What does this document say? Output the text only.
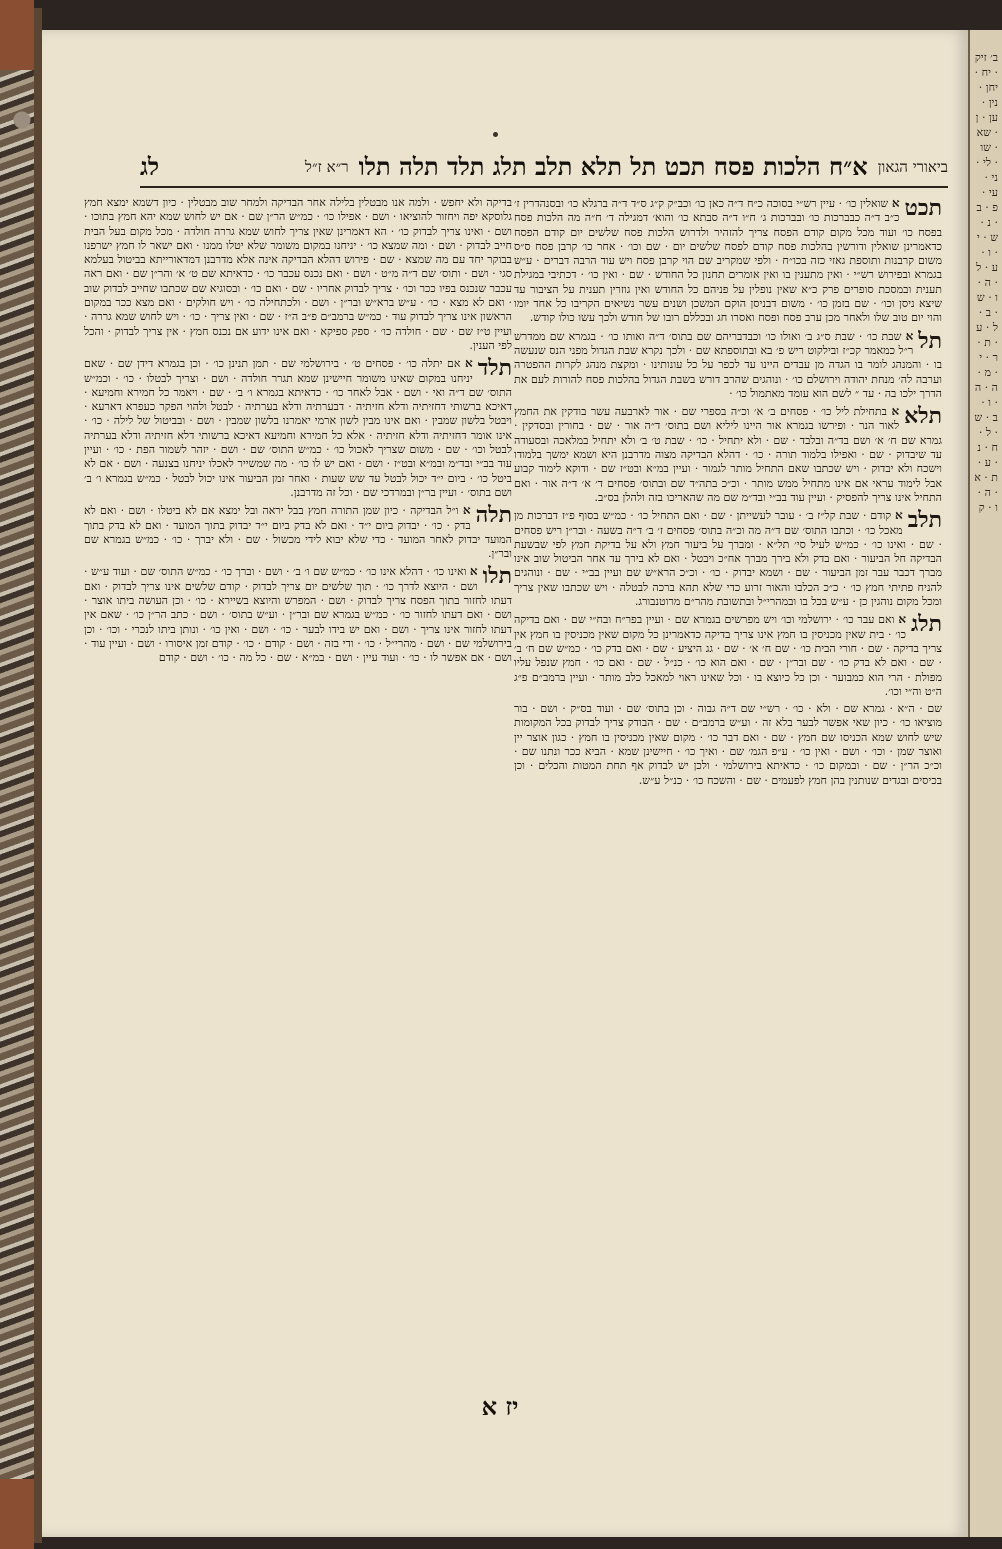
ב׳ זיק · יח · יחן · נין · ען · ן · שא · שו · לי · ני · עי · פ · ב · נ · ש · י · ו · ע · ל · ה · ו · ש · ב · ל · ע · ת · ר · י · מ · ה · ה · ו · ב · ש · ל · ח · נ · ע · ת · א · ה · ו · ק
ביאורי הגאון
א״ח הלכות פסח תכט תל תלא תלב תלג תלד תלה תלו
ר״א ז״ל
לג
תכט
א שואלין כו׳ · עיין רש״י בסוכה כ״ח ד״ה כאן כו׳ וכב״ק ק״ג ס״ד ד״ה ברגלא כו׳ ובסנהדרין ז׳ כ״ב ד״ה כבברכות כו׳ ובברכות ג׳ ח״ו ד״ה סבתא כו׳ והוא׳ דמגילה ד׳ ח״ה מה הלכות פסח בפסח כו׳ ועוד מכל מקום קודם הפסח צריך להזהיר ולדרוש הלכות פסח שלשים יום קודם הפסח כדאמרינן שואלין ודורשין בהלכות פסח קודם לפסח שלשים יום · שם וכו׳ · אחר כו׳ קרבן פסח ס״ס משום קרבנות ותוספת גאזי כזה בכו״ח · ולפי שמקריב שם הוי קרבן פסח ויש עוד הרבה דברים · ע״ש בגמרא ובפירוש רש״י · ואין מתענין בו ואין אומרים תחנון כל החודש · שם · ואין כו׳ · דכתיבי במגילת תענית ובמסכת סופרים פרק כ״א שאין נופלין על פניהם כל החודש ואין גוזרין תענית על הציבור עד שיצא ניסן וכו׳ · שם בזמן כו׳ · משום דבניסן הוקם המשכן ושנים עשר נשיאים הקריבו כל אחד יומו והוי יום טוב שלו ולאחר מכן ערב פסח ופסח ואסרו חג ובכללם רובו של חודש ולכך עשו כולו קודש.
תל
א שבת כו׳ · שבת ס״ג ב׳ ואולו כו׳ וכבדבריהם שם בתוס׳ ד״ה ואותו כו׳ · בגמרא שם ממדרש ר״ל כמאמר קכ״ז ובילקוט ריש פ׳ בא ובתוספתא שם · ולכך נקרא שבת הגדול מפני הנס שנעשה בו · והמנהג לומר בו הגדה מן עבדים היינו עד לכפר על כל עונותינו · ומקצת מנהג לקרות ההפטרה וערבה לה׳ מנחת יהודה וירושלם כו׳ · ונוהגים שהרב דורש בשבת הגדול בהלכות פסח להורות לעם את הדרך ילכו בה · עד ״ לשם הוא עומד מאתמול כו׳ ·
תלא
א בתחילת ליל כו׳ · פסחים ב׳ א׳ וכ״ה בספרי שם · אור לארבעה עשר בודקין את החמץ לאור הנר · ופירשו בגמרא אור היינו ליליא ושם בתוס׳ ד״ה אור · שם · בחורין ובסדקין · גמרא שם ח׳ א׳ ושם בד״ה ובלבד · שם · ולא יתחיל · כו׳ · שבת ט׳ ב׳ ולא יתחיל במלאכה ובסעודה עד שיבדוק · שם · ואפילו בלמוד תורה · כו׳ · דהלא הבדיקה מצוה מדרבנן היא ושמא ימשך בלמודו וישכח ולא יבדוק · ויש שכתבו שאם התחיל מותר לגמור · ועיין במ״א ובט״ז שם · ודוקא לימוד קבוע אבל לימוד עראי אם אינו מתחיל ממש מותר · וכ״כ בתה״ד שם ובתוס׳ פסחים ד׳ א׳ ד״ה אור · ואם התחיל אינו צריך להפסיק · ועיין עוד בב״י ובד״מ שם מה שהאריכו בזה ולהלן בס״ב.
תלב
א קודם · שבת קל״ז ב׳ · עובר לעשייתן · שם · ואם התחיל כו׳ · כמ״ש בסוף פ״ז דברכות מן מאכל כו׳ · וכתבו התוס׳ שם ד״ה מה וכ״ה בתוס׳ פסחים ז׳ ב׳ ד״ה בשעה · ובר״ן ריש פסחים · שם · ואינו כו׳ · כמ״ש לעיל סי׳ תל״א · ומברך על ביעור חמץ ולא על בדיקת חמץ לפי שבשעת הבדיקה חל הביעור · ואם בדק ולא בירך מברך אח״כ ויבטל · ואם לא בירך עד אחר הביטול שוב אינו מברך דכבר עבר זמן הביעור · שם · ושמא יבדוק · כו׳ · וכ״כ הרא״ש שם ועיין בב״י · שם · ונוהגים להניח פתיתי חמץ כו׳ · כ״כ הכלבו והאור זרוע כדי שלא תהא ברכה לבטלה · ויש שכתבו שאין צריך ומכל מקום נוהגין כן · ע״ש בכל בו ובמהרי״ל ובתשובת מהר״ם מרוטנבורג.
תלג
א ואם עבר כו׳ · ירושלמי וכו׳ ויש מפרשים בגמרא שם · ועיין בפר״ח ובח״י שם · ואם בדיקה כו׳ · בית שאין מכניסין בו חמץ אינו צריך בדיקה כדאמרינן כל מקום שאין מכניסין בו חמץ אין צריך בדיקה · שם · חורי הבית כו׳ · שם ח׳ א׳ · שם · גג היציע · שם · ואם בדק כו׳ · כמ״ש שם ח׳ ב׳ · שם · ואם לא בדק כו׳ · שם ובר״ן · שם · ואם הוא כו׳ · כנ״ל · שם · ואם כו׳ · חמץ שנפל עליו מפולת · הרי הוא כמבוער · וכן כל כיוצא בו · וכל שאינו ראוי למאכל כלב מותר · ועיין ברמב״ם פ״ג ה״ט וה״י וכו׳.
שם · ה״א · גמרא שם · ולא · כו׳ · רש״י שם ד״ה גבוה · וכן בתוס׳ שם · ועוד בס״ק · ושם · בור מוציאו כו׳ · כיון שאי אפשר לבער בלא זה · וע״ש ברמב״ם · שם · הבודק צריך לבדוק בכל המקומות שיש לחוש שמא הכניסו שם חמץ · שם · ואם דבר כו׳ · מקום שאין מכניסין בו חמץ · כגון אוצר יין ואוצר שמן · וכו׳ · ושם · ואין כו׳ · ע״פ הגמ׳ שם · ואיך כו׳ · חיישינן שמא · הביא ככר ונתנו שם · וכ״כ הר״ן · שם · ובמקום כו׳ · כדאיתא בירושלמי · ולכן יש לבדוק אף תחת המטות והכלים · וכן בכיסים ובגדים שנותנין בהן חמץ לפעמים · שם · והשכח כו׳ · כנ״ל ע״ש.
בדיקה ולא יחפש · ולמה אנו מבטלין בלילה אחר הבדיקה ולמחר שוב מבטלין · כיון דשמא ימצא חמץ גלוסקא יפה ויחזור להוציאו · ושם · אפילו כו׳ · כמ״ש הר״ן שם · אם יש לחוש שמא יהא חמץ בתוכו · ושם · ואינו צריך לבדוק כו׳ · הא דאמרינן שאין צריך לחוש שמא גררה חולדה · מכל מקום בעל הבית חייב לבדוק · ושם · ומה שמצא כו׳ · יניחנו במקום משומר שלא יטלו ממנו · ואם ישאר לו חמץ ישרפנו בבוקר יחד עם מה שמצא · שם · פירוש דהלא הבדיקה אינה אלא מדרבנן דמדאורייתא בביטול בעלמא סגי · ושם · ותוס׳ שם ד״ה מ״ט · ושם · ואם נכנס עכבר כו׳ · כדאיתא שם ט׳ א׳ והר״ן שם · ואם ראה עכבר שנכנס בפיו ככר וכו׳ · צריך לבדוק אחריו · שם · ואם כו׳ · ובסוגיא שם שכתבו שחייב לבדוק שוב · ואם לא מצא · כו׳ · ע״ש ברא״ש ובר״ן · ושם · ולכתחילה כו׳ · ויש חולקים · ואם מצא ככר במקום הראשון אינו צריך לבדוק עוד · כמ״ש ברמב״ם פ״ב ה״ז · שם · ואין צריך · כו׳ · ויש לחוש שמא גררה · ועיין ט״ז שם · שם · חולדה כו׳ · ספק ספיקא · ואם אינו ידוע אם נכנס חמץ · אין צריך לבדוק · והכל לפי הענין.
תלד
א אם יתלה כו׳ · פסחים ט׳ · בירושלמי שם · תמן תנינן כו׳ · וכן בגמרא דידן שם · שאם יניחנו במקום שאינו משומר חיישינן שמא תגרר חולדה · ושם · וצריך לבטלו · כו׳ · וכמ״ש התוס׳ שם ד״ה ואי · ושם · אבל לאחר כו׳ · כדאיתא בגמרא ו׳ ב׳ · שם · ויאמר כל חמירא וחמיעא · דאיכא ברשותי דחזיתיה ודלא חזיתיה · דבערתיה ודלא בערתיה · לבטל ולהוי הפקר כעפרא דארעא · ויבטל בלשון שמבין · ואם אינו מבין לשון ארמי יאמרנו בלשון שמבין · ושם · ובביטול של לילה · כו׳ · אינו אומר דחזיתיה ודלא חזיתיה · אלא כל חמירא וחמיעא דאיכא ברשותי דלא חזיתיה ודלא בערתיה לבטל וכו׳ · שם · משום שצריך לאכול כו׳ · כמ״ש התוס׳ שם · ושם · יזהר לשמור הפת · כו׳ · ועיין עוד בב״י ובד״מ ובמ״א ובט״ז · ושם · ואם יש לו כו׳ · מה שמשייר לאכלו יניחנו בצנעה · ושם · אם לא ביטל כו׳ · ביום י״ד יכול לבטל עד שש שעות · ואחר זמן הביעור אינו יכול לבטל · כמ״ש בגמרא ו׳ ב׳ ושם בתוס׳ · ועיין בר״ן ובמרדכי שם · וכל זה מדרבנן.
תלה
א ו״ל הבדיקה · כיון שמן התורה חמץ בבל יראה ובל ימצא אם לא ביטלו · ושם · ואם לא בדק · כו׳ · יבדוק ביום י״ד · ואם לא בדק ביום י״ד יבדוק בתוך המועד · ואם לא בדק בתוך המועד יבדוק לאחר המועד · כדי שלא יבוא לידי מכשול · שם · ולא יברך · כו׳ · כמ״ש בגמרא שם ובר״ן.
תלו
א ואינו כו׳ · דהלא אינו כו׳ · כמ״ש שם ו׳ ב׳ · ושם · וברך כו׳ · כמ״ש התוס׳ שם · ועוד ע״ש · ושם · היוצא לדרך כו׳ · תוך שלשים יום צריך לבדוק · קודם שלשים אינו צריך לבדוק · ואם דעתו לחזור בתוך הפסח צריך לבדוק · ושם · המפרש והיוצא בשיירא · כו׳ · וכן העושה ביתו אוצר · ושם · ואם דעתו לחזור כו׳ · כמ״ש בגמרא שם ובר״ן · וע״ש בתוס׳ · ושם · כתב הר״ן כו׳ · שאם אין דעתו לחזור אינו צריך · ושם · ואם יש בידו לבער · כו׳ · ושם · ואין כו׳ · ונותן ביתו לנכרי · וכו׳ · וכן בירושלמי שם · ושם · מהרי״ל · כו׳ · ודי בזה · ושם · קודם · כו׳ · קודם זמן איסורו · ושם · ועיין עוד · ושם · אם אפשר לו · כו׳ · ועוד עיין · ושם · במ״א · שם · כל מה · כו׳ · ושם · קודם
יז א
